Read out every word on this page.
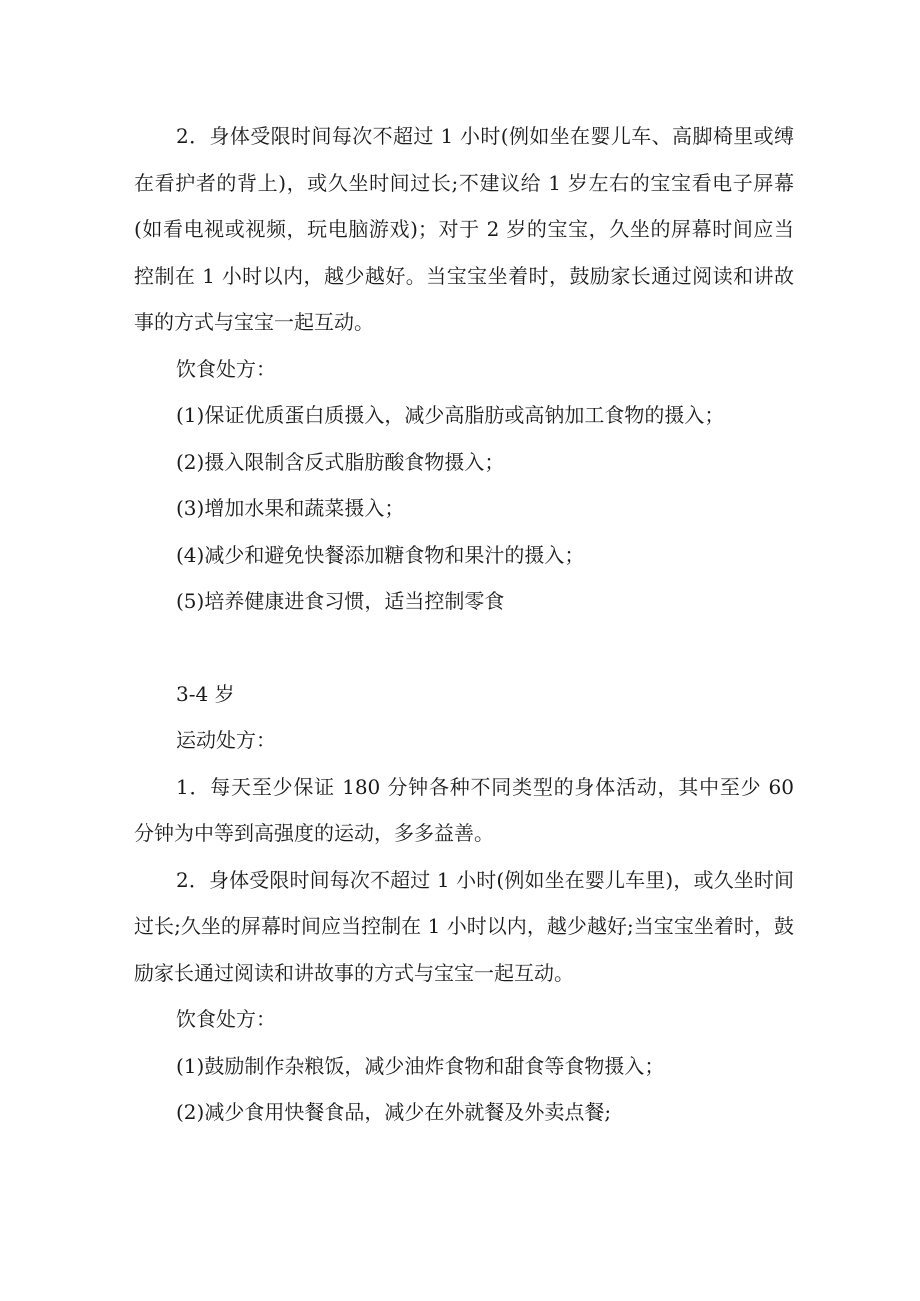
2．身体受限时间每次不超过 1 小时(例如坐在婴儿车、高脚椅里或缚在看护者的背上)，或久坐时间过长;不建议给 1 岁左右的宝宝看电子屏幕(如看电视或视频，玩电脑游戏)；对于 2 岁的宝宝，久坐的屏幕时间应当控制在 1 小时以内，越少越好。当宝宝坐着时，鼓励家长通过阅读和讲故事的方式与宝宝一起互动。

饮食处方：

(1)保证优质蛋白质摄入，减少高脂肪或高钠加工食物的摄入；

(2)摄入限制含反式脂肪酸食物摄入；

(3)增加水果和蔬菜摄入；

(4)减少和避免快餐添加糖食物和果汁的摄入；

(5)培养健康进食习惯，适当控制零食

3-4 岁

运动处方：

1．每天至少保证 180 分钟各种不同类型的身体活动，其中至少 60 分钟为中等到高强度的运动，多多益善。

2．身体受限时间每次不超过 1 小时(例如坐在婴儿车里)，或久坐时间过长;久坐的屏幕时间应当控制在 1 小时以内，越少越好;当宝宝坐着时，鼓励家长通过阅读和讲故事的方式与宝宝一起互动。

饮食处方：

(1)鼓励制作杂粮饭，减少油炸食物和甜食等食物摄入；

(2)减少食用快餐食品，减少在外就餐及外卖点餐;
